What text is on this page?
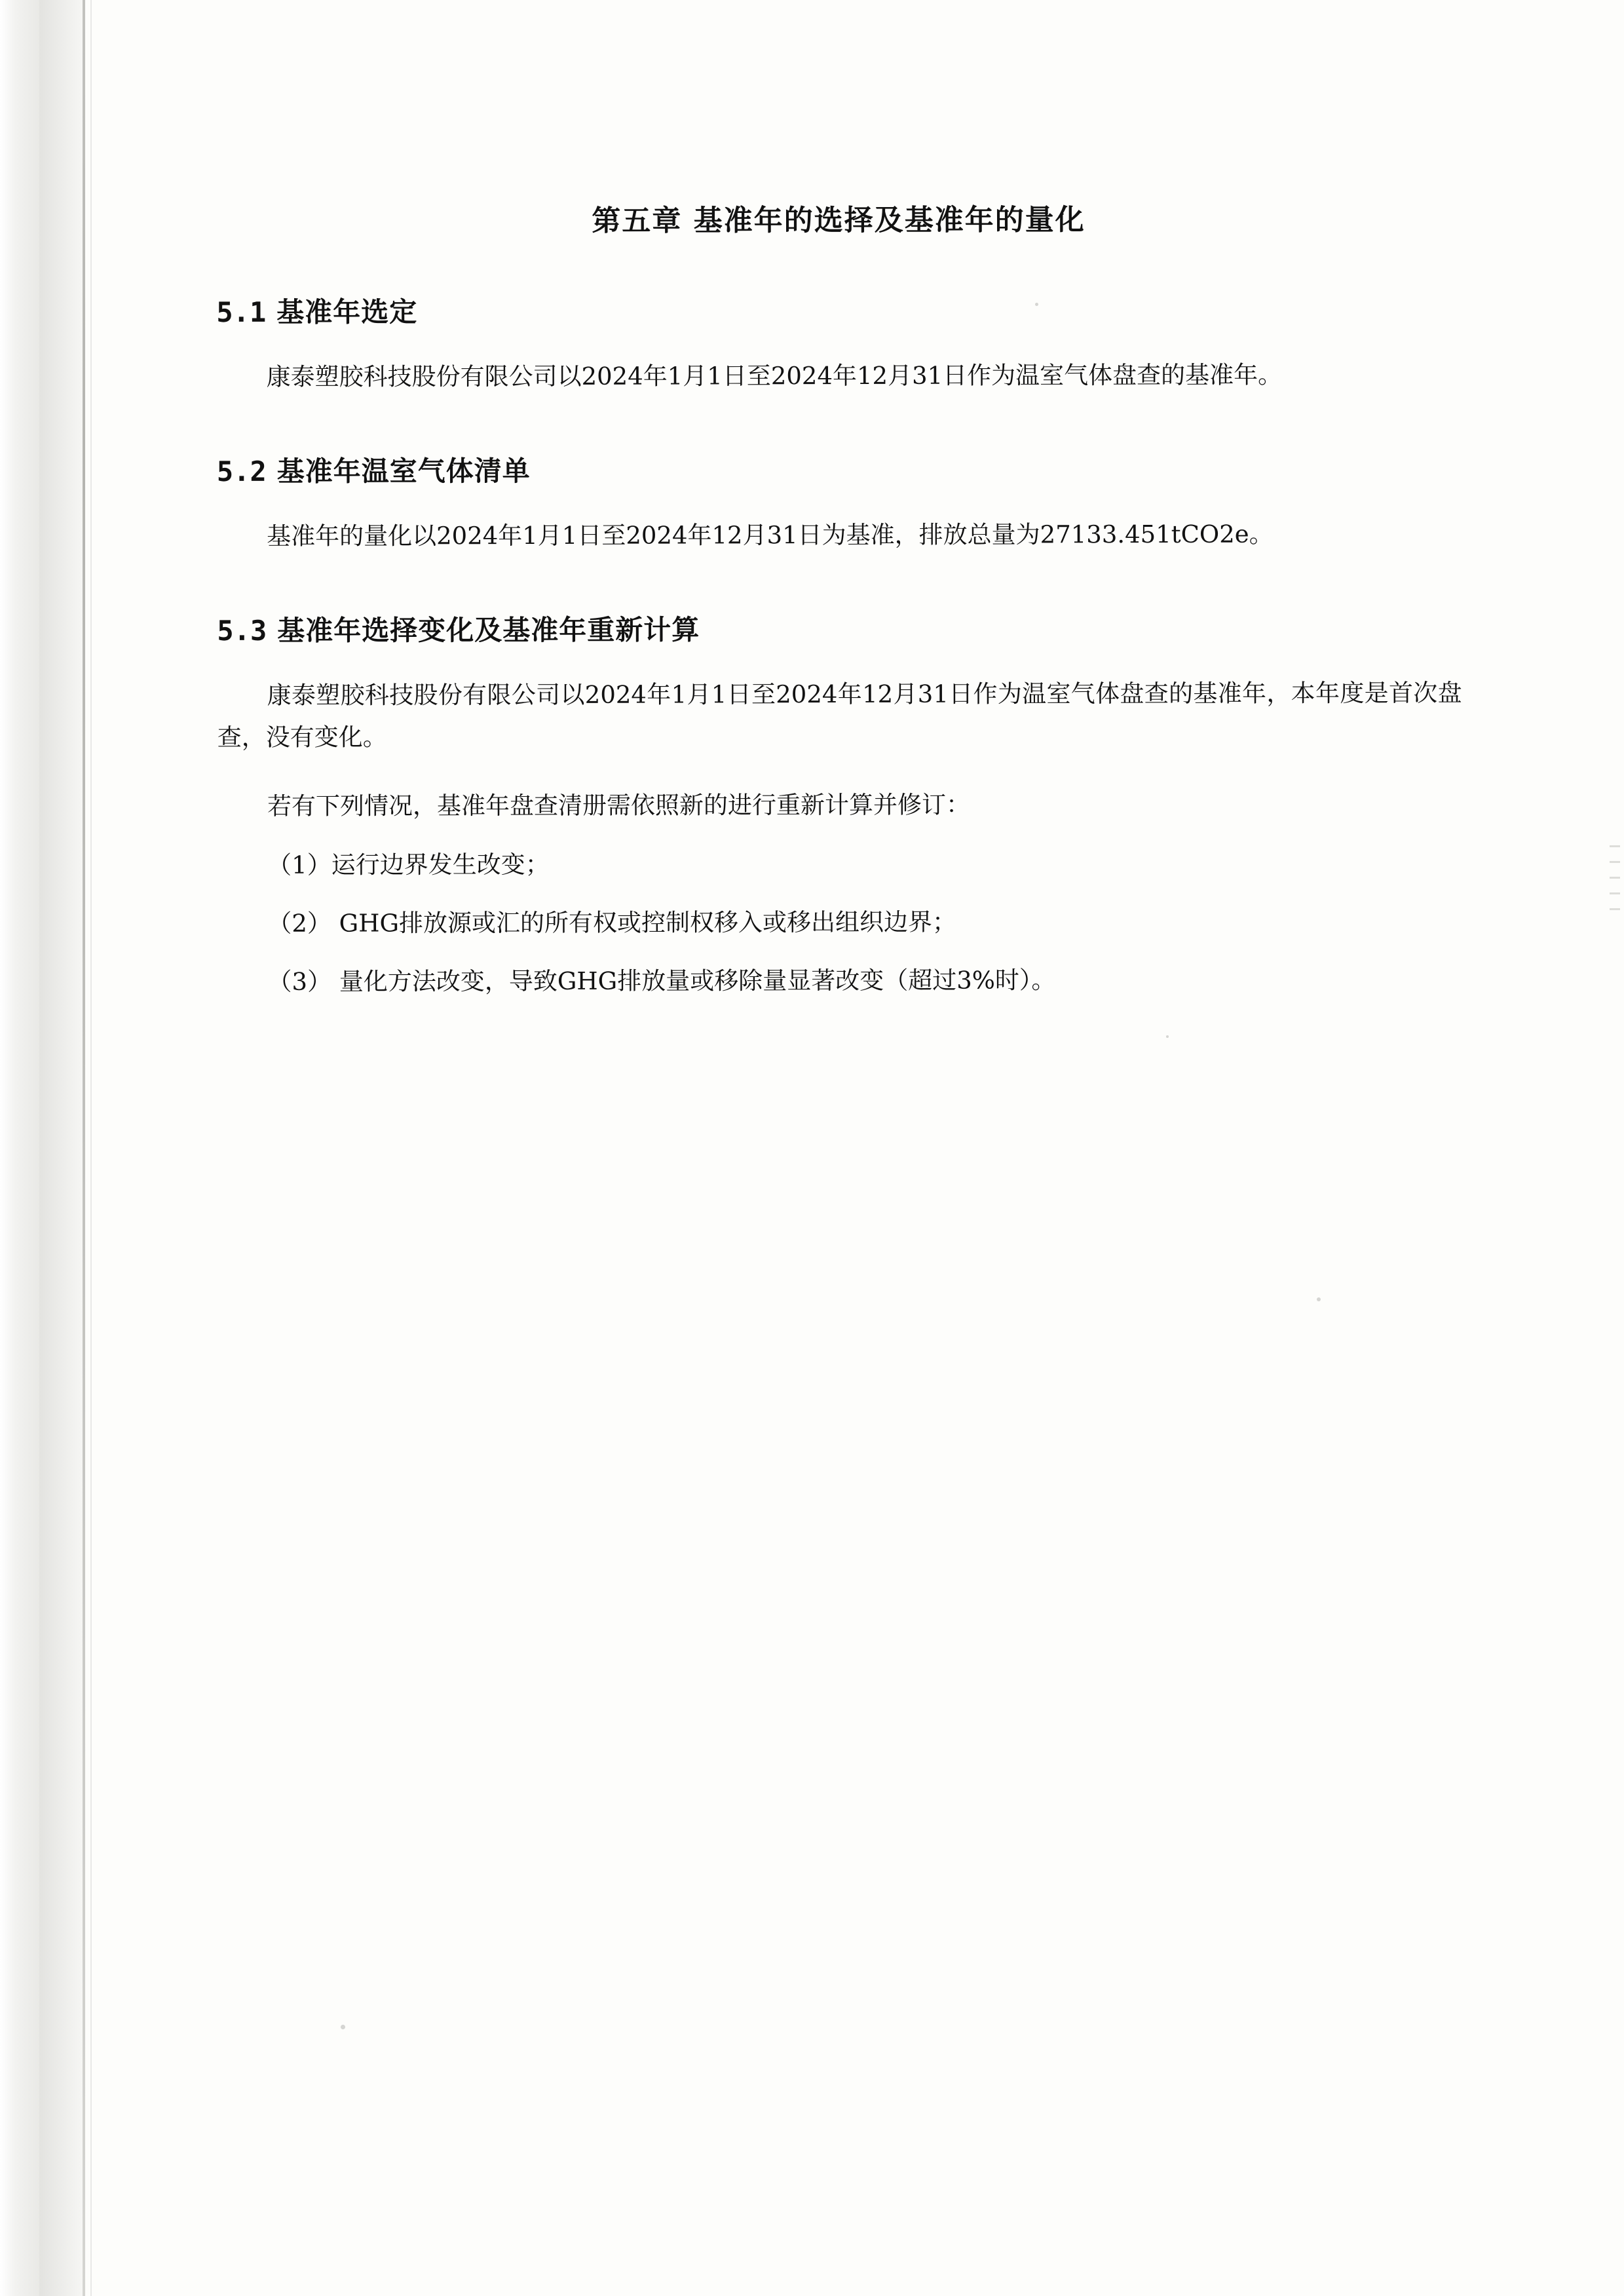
第五章 基准年的选择及基准年的量化
5.1 基准年选定
康泰塑胶科技股份有限公司以2024年1月1日至2024年12月31日作为温室气体盘查的基准年。
5.2 基准年温室气体清单
基准年的量化以2024年1月1日至2024年12月31日为基准，排放总量为27133.451tCO2e。
5.3 基准年选择变化及基准年重新计算
康泰塑胶科技股份有限公司以2024年1月1日至2024年12月31日作为温室气体盘查的基准年，本年度是首次盘查，没有变化。
若有下列情况，基准年盘查清册需依照新的进行重新计算并修订：
（1）运行边界发生改变；
（2） GHG排放源或汇的所有权或控制权移入或移出组织边界；
（3） 量化方法改变，导致GHG排放量或移除量显著改变（超过3%时）。
